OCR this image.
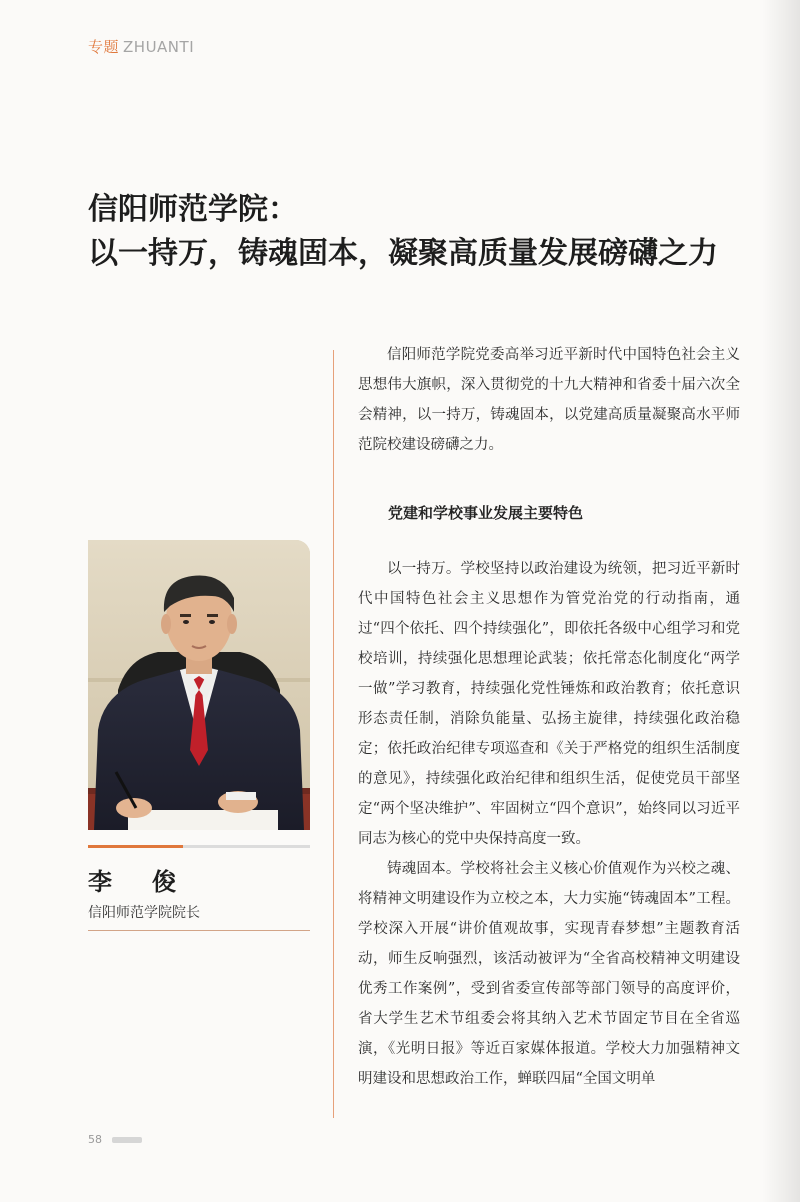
专题 ZHUANTI
信阳师范学院：
以一持万，铸魂固本，凝聚高质量发展磅礴之力
李　俊
信阳师范学院院长

信阳师范学院党委高举习近平新时代中国特色社会主义思想伟大旗帜，深入贯彻党的十九大精神和省委十届六次全会精神，以一持万，铸魂固本，以党建高质量凝聚高水平师范院校建设磅礴之力。

党建和学校事业发展主要特色

以一持万。学校坚持以政治建设为统领，把习近平新时代中国特色社会主义思想作为管党治党的行动指南，通过“四个依托、四个持续强化”，即依托各级中心组学习和党校培训，持续强化思想理论武装；依托常态化制度化“两学一做”学习教育，持续强化党性锤炼和政治教育；依托意识形态责任制，消除负能量、弘扬主旋律，持续强化政治稳定；依托政治纪律专项巡查和《关于严格党的组织生活制度的意见》，持续强化政治纪律和组织生活，促使党员干部坚定“两个坚决维护”、牢固树立“四个意识”，始终同以习近平同志为核心的党中央保持高度一致。

铸魂固本。学校将社会主义核心价值观作为兴校之魂、将精神文明建设作为立校之本，大力实施“铸魂固本”工程。学校深入开展“讲价值观故事，实现青春梦想”主题教育活动，师生反响强烈，该活动被评为“全省高校精神文明建设优秀工作案例”，受到省委宣传部等部门领导的高度评价，省大学生艺术节组委会将其纳入艺术节固定节目在全省巡演，《光明日报》等近百家媒体报道。学校大力加强精神文明建设和思想政治工作，蝉联四届“全国文明单

58
